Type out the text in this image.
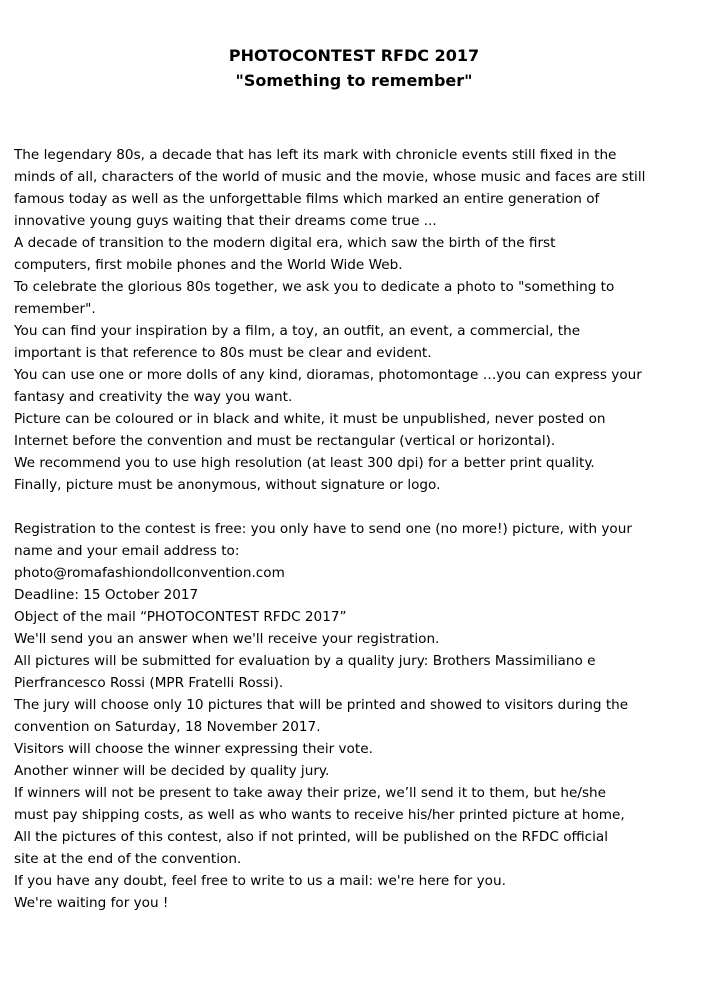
PHOTOCONTEST RFDC 2017
"Something to remember"
The legendary 80s, a decade that has left its mark with chronicle events still fixed in the
minds of all, characters of the world of music and the movie, whose music and faces are still
famous today as well as the unforgettable films which marked an entire generation of
innovative young guys waiting that their dreams come true ...
A decade of transition to the modern digital era, which saw the birth of the first
computers, first mobile phones and the World Wide Web.
To celebrate the glorious 80s together, we ask you to dedicate a photo to "something to
remember".
You can find your inspiration by a film, a toy, an outfit, an event, a commercial, the
important is that reference to 80s must be clear and evident.
You can use one or more dolls of any kind, dioramas, photomontage …you can express your
fantasy and creativity the way you want.
Picture can be coloured or in black and white, it must be unpublished, never posted on
Internet before the convention and must be rectangular (vertical or horizontal).
We recommend you to use high resolution (at least 300 dpi) for a better print quality.
Finally, picture must be anonymous, without signature or logo.
Registration to the contest is free: you only have to send one (no more!) picture, with your
name and your email address to:
photo@romafashiondollconvention.com
Deadline: 15 October 2017
Object of the mail “PHOTOCONTEST RFDC 2017”
We'll send you an answer when we'll receive your registration.
All pictures will be submitted for evaluation by a quality jury: Brothers Massimiliano e
Pierfrancesco Rossi (MPR Fratelli Rossi).
The jury will choose only 10 pictures that will be printed and showed to visitors during the
convention on Saturday, 18 November 2017.
Visitors will choose the winner expressing their vote.
Another winner will be decided by quality jury.
If winners will not be present to take away their prize, we’ll send it to them, but he/she
must pay shipping costs, as well as who wants to receive his/her printed picture at home,
All the pictures of this contest, also if not printed, will be published on the RFDC official
site at the end of the convention.
If you have any doubt, feel free to write to us a mail: we're here for you.
We're waiting for you !
